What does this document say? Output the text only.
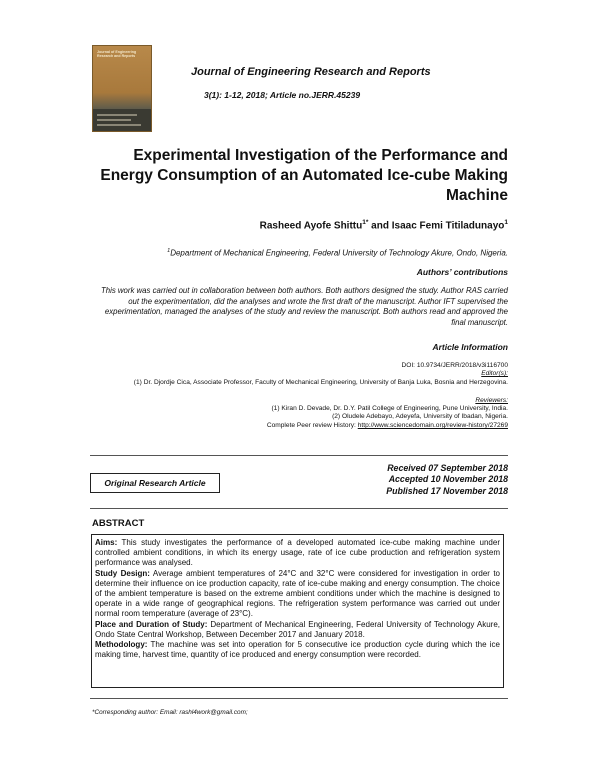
Journal of Engineering Research and Reports
Journal of Engineering Research and Reports
3(1): 1-12, 2018; Article no.JERR.45239
Experimental Investigation of the Performance and Energy Consumption of an Automated Ice-cube Making Machine
Rasheed Ayofe Shittu$^{1*}$ and Isaac Femi Titiladunayo$^1$
$^1$Department of Mechanical Engineering, Federal University of Technology Akure, Ondo, Nigeria.
Authors’ contributions
This work was carried out in collaboration between both authors. Both authors designed the study. Author RAS carried out the experimentation, did the analyses and wrote the first draft of the manuscript. Author IFT supervised the experimentation, managed the analyses of the study and review the manuscript. Both authors read and approved the final manuscript.
Article Information
DOI: 10.9734/JERR/2018/v3i116700
Editor(s):
(1) Dr. Djordje Cica, Associate Professor, Faculty of Mechanical Engineering, University of Banja Luka, Bosnia and Herzegovina.
Reviewers:
(1) Kiran D. Devade, Dr. D.Y. Patil College of Engineering, Pune University, India.
(2) Oludele Adebayo, Adeyefa, University of Ibadan, Nigeria.
Complete Peer review History: http://www.sciencedomain.org/review-history/27269
Original Research Article
Received 07 September 2018
Accepted 10 November 2018
Published 17 November 2018
ABSTRACT

Aims: This study investigates the performance of a developed automated ice-cube making machine under controlled ambient conditions, in which its energy usage, rate of ice cube production and refrigeration system performance was analysed.

Study Design: Average ambient temperatures of 24°C and 32°C were considered for investigation in order to determine their influence on ice production capacity, rate of ice-cube making and energy consumption. The choice of the ambient temperature is based on the extreme ambient conditions under which the machine is designed to operate in a wide range of geographical regions. The refrigeration system performance was carried out under normal room temperature (average of 23°C).

Place and Duration of Study: Department of Mechanical Engineering, Federal University of Technology Akure, Ondo State Central Workshop, Between December 2017 and January 2018.

Methodology: The machine was set into operation for 5 consecutive ice production cycle during which the ice making time, harvest time, quantity of ice produced and energy consumption were recorded.

*Corresponding author: Email: rashl4work@gmail.com;
